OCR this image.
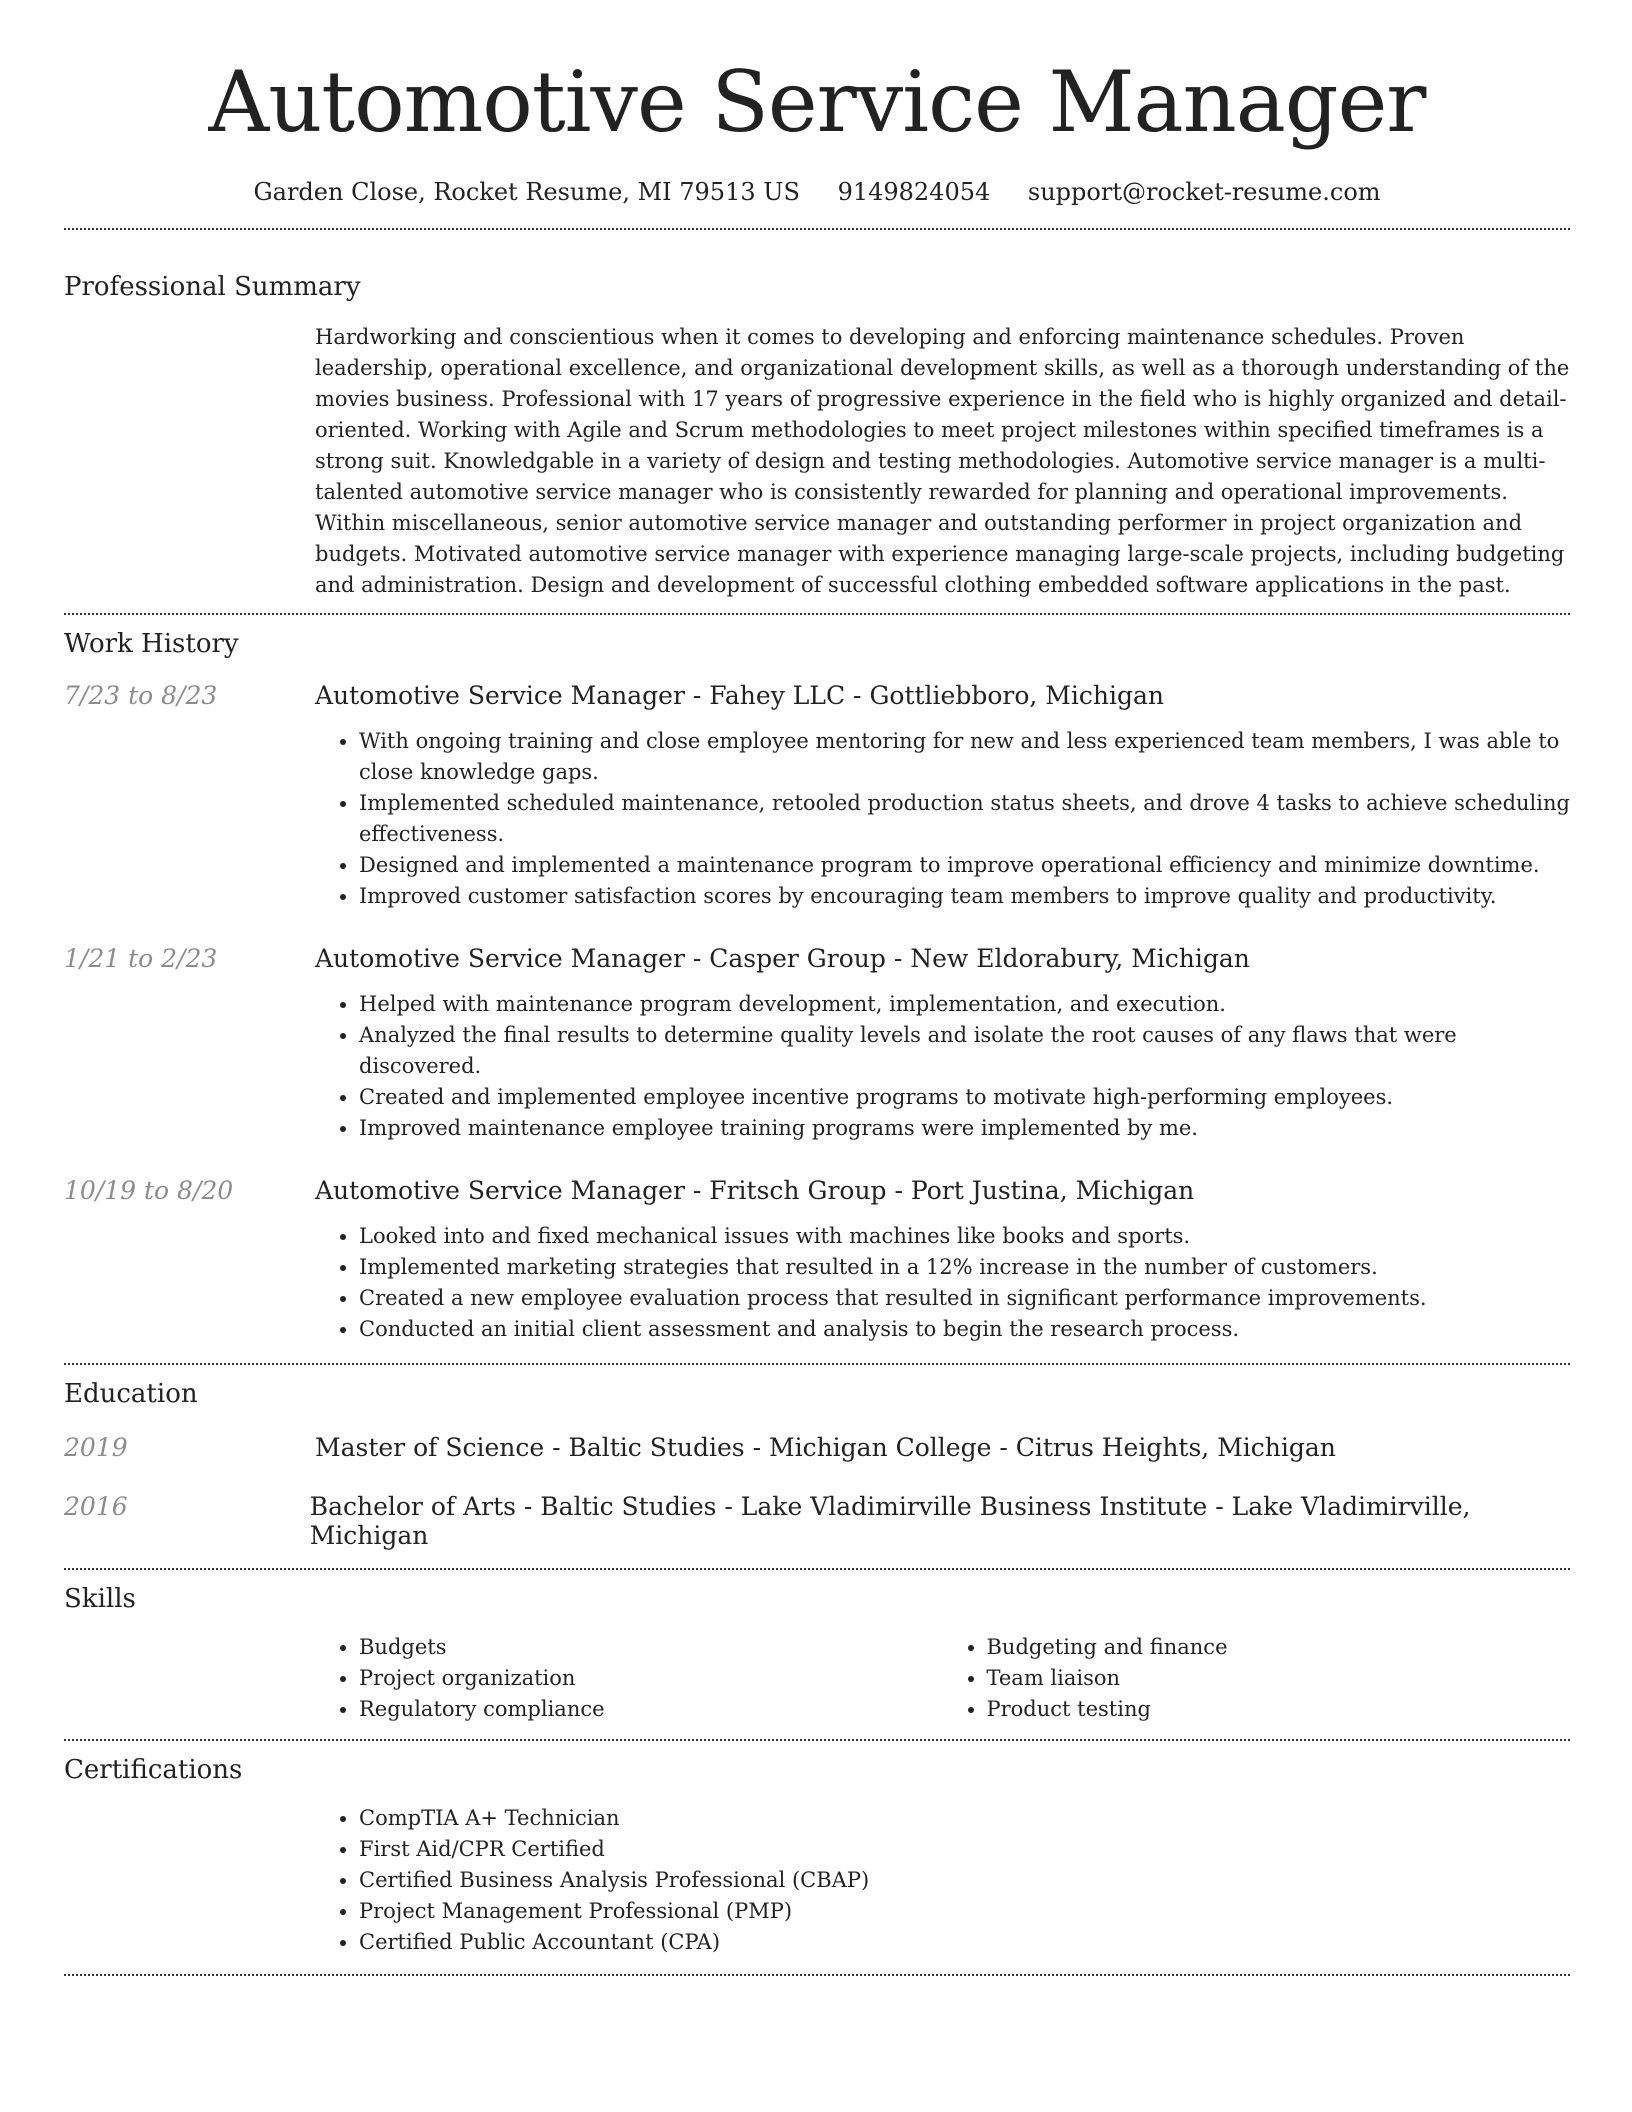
Automotive Service Manager
Garden Close, Rocket Resume, MI 79513 US 9149824054 support@rocket-resume.com
Professional Summary

Hardworking and conscientious when it comes to developing and enforcing maintenance schedules. Proven leadership, operational excellence, and organizational development skills, as well as a thorough understanding of the movies business. Professional with 17 years of progressive experience in the field who is highly organized and detail-oriented. Working with Agile and Scrum methodologies to meet project milestones within specified timeframes is a strong suit. Knowledgable in a variety of design and testing methodologies. Automotive service manager is a multi-talented automotive service manager who is consistently rewarded for planning and operational improvements. Within miscellaneous, senior automotive service manager and outstanding performer in project organization and budgets. Motivated automotive service manager with experience managing large-scale projects, including budgeting and administration. Design and development of successful clothing embedded software applications in the past.

Work History
7/23 to 8/23	Automotive Service Manager - Fahey LLC - Gottliebboro, Michigan
• With ongoing training and close employee mentoring for new and less experienced team members, I was able to close knowledge gaps.
• Implemented scheduled maintenance, retooled production status sheets, and drove 4 tasks to achieve scheduling effectiveness.
• Designed and implemented a maintenance program to improve operational efficiency and minimize downtime.
• Improved customer satisfaction scores by encouraging team members to improve quality and productivity.
1/21 to 2/23	Automotive Service Manager - Casper Group - New Eldorabury, Michigan
• Helped with maintenance program development, implementation, and execution.
• Analyzed the final results to determine quality levels and isolate the root causes of any flaws that were discovered.
• Created and implemented employee incentive programs to motivate high-performing employees.
• Improved maintenance employee training programs were implemented by me.
10/19 to 8/20	Automotive Service Manager - Fritsch Group - Port Justina, Michigan
• Looked into and fixed mechanical issues with machines like books and sports.
• Implemented marketing strategies that resulted in a 12% increase in the number of customers.
• Created a new employee evaluation process that resulted in significant performance improvements.
• Conducted an initial client assessment and analysis to begin the research process.
Education
2019	Master of Science - Baltic Studies - Michigan College - Citrus Heights, Michigan
2016	Bachelor of Arts - Baltic Studies - Lake Vladimirville Business Institute - Lake Vladimirville, Michigan
Skills
• Budgets
• Project organization
• Regulatory compliance
• Budgeting and finance
• Team liaison
• Product testing
Certifications
• CompTIA A+ Technician
• First Aid/CPR Certified
• Certified Business Analysis Professional (CBAP)
• Project Management Professional (PMP)
• Certified Public Accountant (CPA)
